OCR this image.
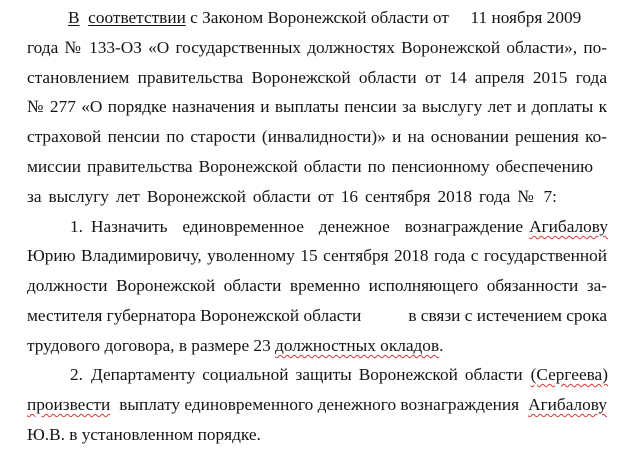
В соответствии с Законом Воронежской области от 11 ноября 2009
года № 133-ОЗ «О государственных должностях Воронежской области», по-
становлением правительства Воронежской области от 14 апреля 2015 года
№ 277 «О порядке назначения и выплаты пенсии за выслугу лет и доплаты к
страховой пенсии по старости (инвалидности)» и на основании решения ко-
миссии правительства Воронежской области по пенсионному обеспечению
за выслугу лет Воронежской области от 16 сентября 2018 года № 7:
1. Назначить единовременное денежное вознаграждение Агибалову
Юрию Владимировичу, уволенному 15 сентября 2018 года с государственной
должности Воронежской области временно исполняющего обязанности за-
местителя губернатора Воронежской области	в связи с истечением срока
трудового договора, в размере 23 должностных окладов.
2. Департаменту социальной защиты Воронежской области (Сергеева)
произвести выплату единовременного денежного вознаграждения Агибалову
Ю.В. в установленном порядке.
